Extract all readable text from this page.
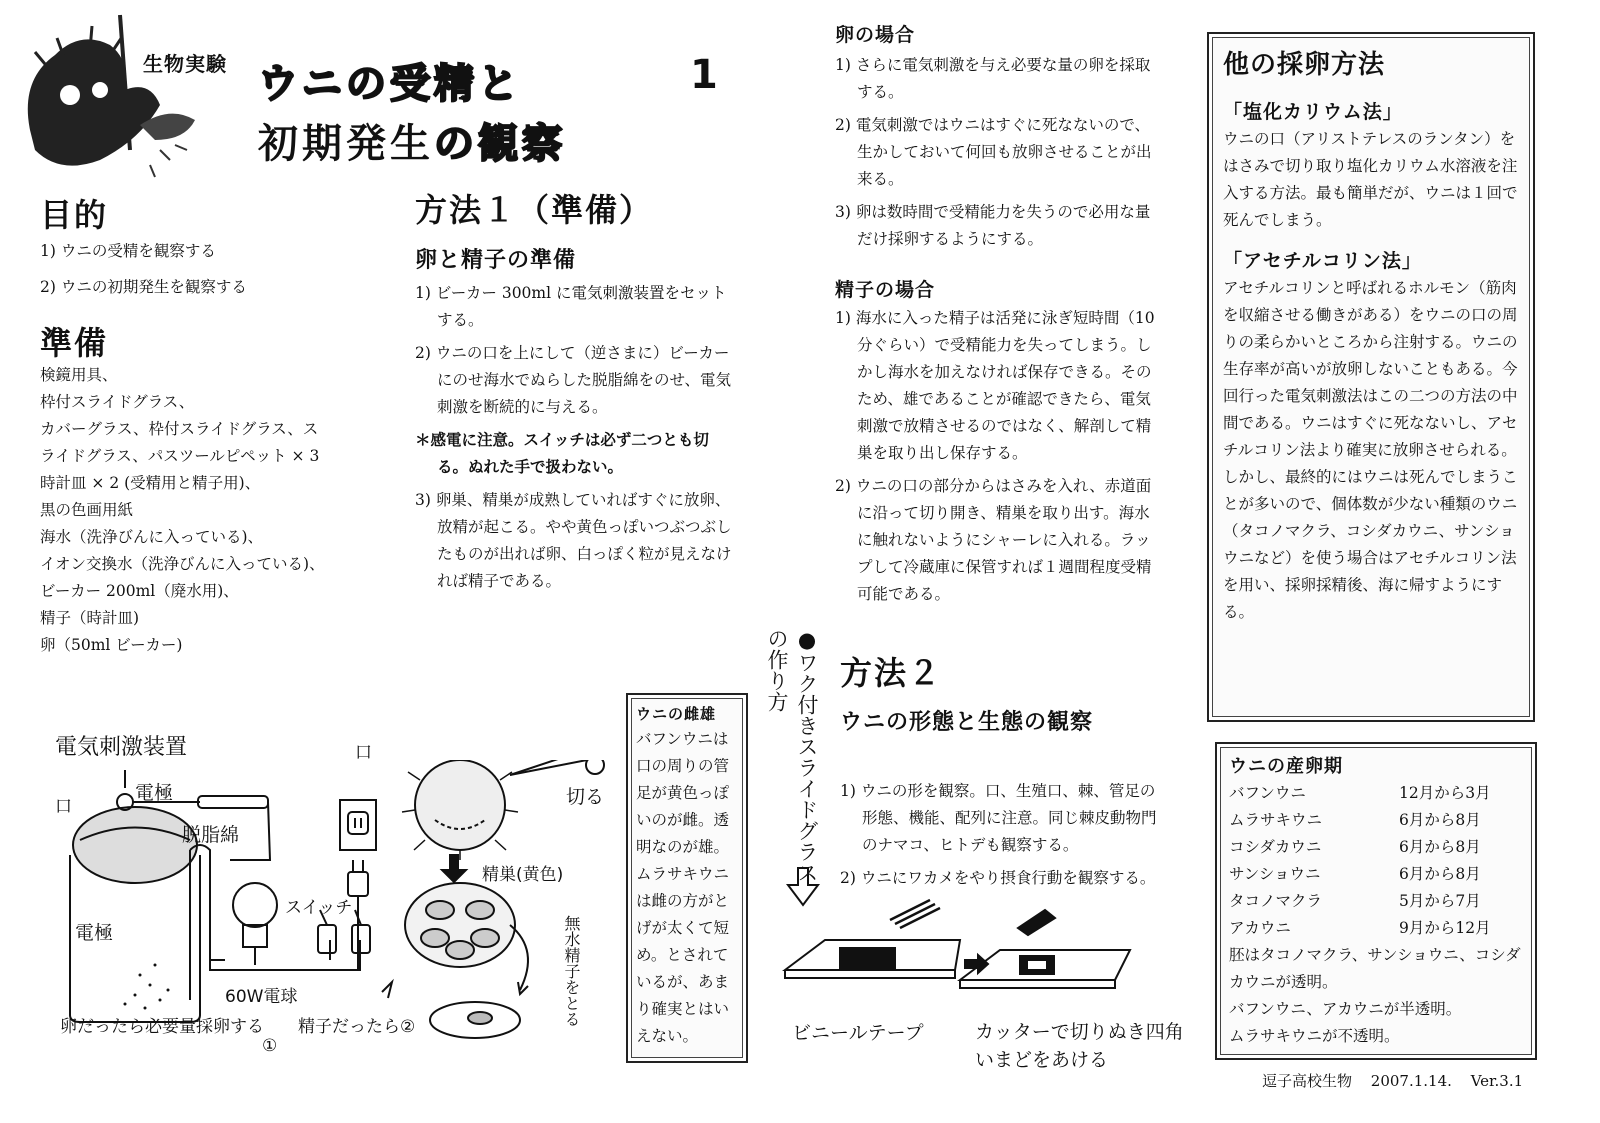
生物実験 ウニの受精と	1
初期発生の観察
目的

1) ウニの受精を観察する

2) ウニの初期発生を観察する

準備

検鏡用具、

枠付スライドグラス、

カバーグラス、枠付スライドグラス、ス

ライドグラス、パスツールピペット × 3

時計皿 × 2 (受精用と精子用)、

黒の色画用紙

海水（洗浄びんに入っている)、

イオン交換水（洗浄びんに入っている)、

ビーカー 200ml（廃水用)、

精子（時計皿)

卵（50ml ビーカー)

方法１（準備）
卵と精子の準備

1) ビーカー 300ml に電気刺激装置をセットする。

2) ウニの口を上にして（逆さまに）ビーカーにのせ海水でぬらした脱脂綿をのせ、電気刺激を断続的に与える。

＊感電に注意。スイッチは必ず二つとも切る。ぬれた手で扱わない。

3) 卵巣、精巣が成熟していればすぐに放卵、放精が起こる。やや黄色っぽいつぶつぶしたものが出れば卵、白っぽく粒が見えなければ精子である。

卵の場合

1) さらに電気刺激を与え必要な量の卵を採取する。

2) 電気刺激ではウニはすぐに死なないので、生かしておいて何回も放卵させることが出来る。

3) 卵は数時間で受精能力を失うので必用な量だけ採卵するようにする。

精子の場合

1) 海水に入った精子は活発に泳ぎ短時間（10 分ぐらい）で受精能力を失ってしまう。しかし海水を加えなければ保存できる。そのため、雄であることが確認できたら、電気刺激で放精させるのではなく、解剖して精巣を取り出し保存する。

2) ウニの口の部分からはさみを入れ、赤道面に沿って切り開き、精巣を取り出す。海水に触れないようにシャーレに入れる。ラップして冷蔵庫に保管すれば１週間程度受精可能である。

方法２
ウニの形態と生態の観察

1) ウニの形を観察。口、生殖口、棘、管足の形態、機能、配列に注意。同じ棘皮動物門のナマコ、ヒトデも観察する。

2) ウニにワカメをやり摂食行動を観察する。

他の採卵方法
「塩化カリウム法」

ウニの口（アリストテレスのランタン）をはさみで切り取り塩化カリウム水溶液を注入する方法。最も簡単だが、ウニは１回で死んでしまう。

「アセチルコリン法」

アセチルコリンと呼ばれるホルモン（筋肉を収縮させる働きがある）をウニの口の周りの柔らかいところから注射する。ウニの生存率が高いが放卵しないこともある。今回行った電気刺激法はこの二つの方法の中間である。ウニはすぐに死なないし、アセチルコリン法より確実に放卵させられる。しかし、最終的にはウニは死んでしまうことが多いので、個体数が少ない種類のウニ（タコノマクラ、コシダカウニ、サンショウニなど）を使う場合はアセチルコリン法を用い、採卵採精後、海に帰すようにする。

ウニの産卵期
バフンウニ	12月から3月
ムラサキウニ	6月から8月
コシダカウニ	6月から8月
サンショウニ	6月から8月
タコノマクラ	5月から7月
アカウニ	9月から12月

胚はタコノマクラ、サンショウニ、コシダカウニが透明。

バフンウニ、アカウニが半透明。

ムラサキウニが不透明。

ウニの雌雄

バフンウニは口の周りの管足が黄色っぽいのが雌。透明なのが雄。ムラサキウニは雌の方がとげが太くて短め。とされているが、あまり確実とはいえない。

電気刺激装置
口
電極
脱脂綿
電極
スイッチ
60W電球
卵だったら必要量採卵する
①
精子だったら②
口
切る
精巣(黄色)
無水精子をとる
●ワク付きスライドグラスの作り方
ビニールテープ	カッターで切りぬき四角いまどをあける
逗子高校生物 2007.1.14. Ver.3.1
